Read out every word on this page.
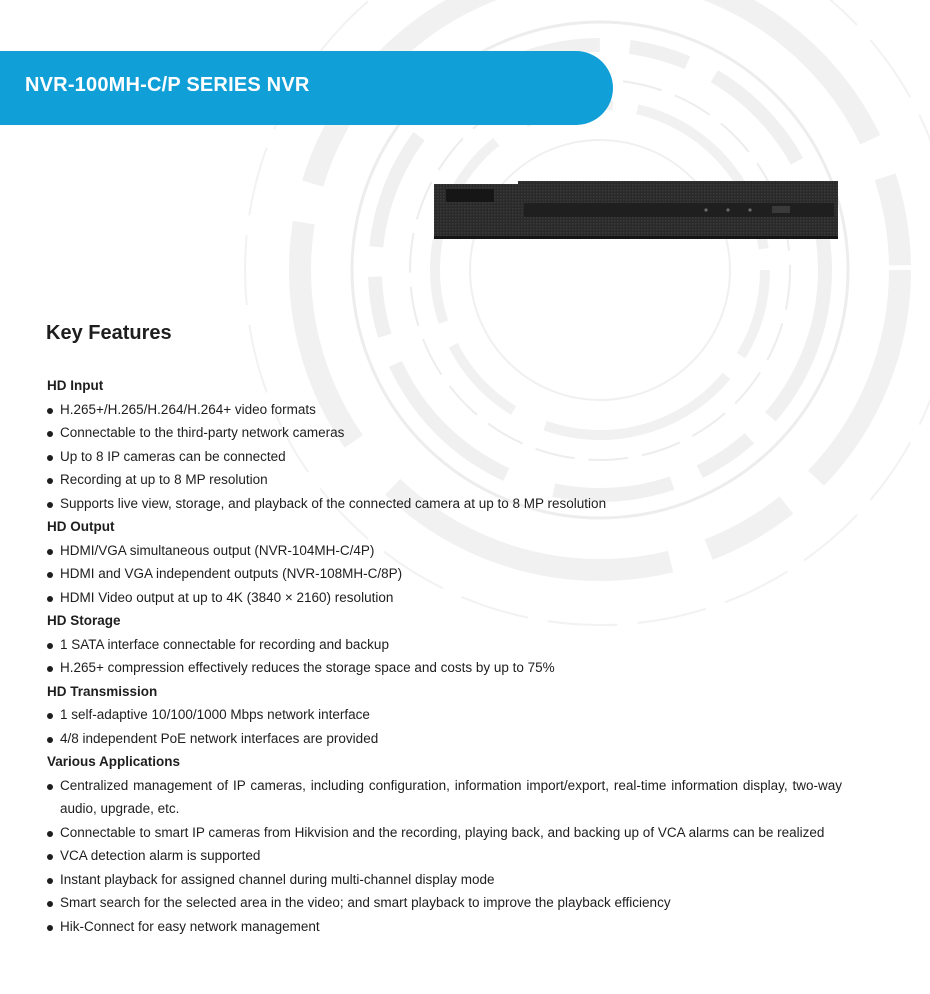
NVR-100MH-C/P SERIES NVR
Key Features
HD Input
H.265+/H.265/H.264/H.264+ video formats
Connectable to the third-party network cameras
Up to 8 IP cameras can be connected
Recording at up to 8 MP resolution
Supports live view, storage, and playback of the connected camera at up to 8 MP resolution
HD Output
HDMI/VGA simultaneous output (NVR-104MH-C/4P)
HDMI and VGA independent outputs (NVR-108MH-C/8P)
HDMI Video output at up to 4K (3840 × 2160) resolution
HD Storage
1 SATA interface connectable for recording and backup
H.265+ compression effectively reduces the storage space and costs by up to 75%
HD Transmission
1 self-adaptive 10/100/1000 Mbps network interface
4/8 independent PoE network interfaces are provided
Various Applications
Centralized management of IP cameras, including configuration, information import/export, real-time information display, two-way audio, upgrade, etc.
Connectable to smart IP cameras from Hikvision and the recording, playing back, and backing up of VCA alarms can be realized
VCA detection alarm is supported
Instant playback for assigned channel during multi-channel display mode
Smart search for the selected area in the video; and smart playback to improve the playback efficiency
Hik-Connect for easy network management
